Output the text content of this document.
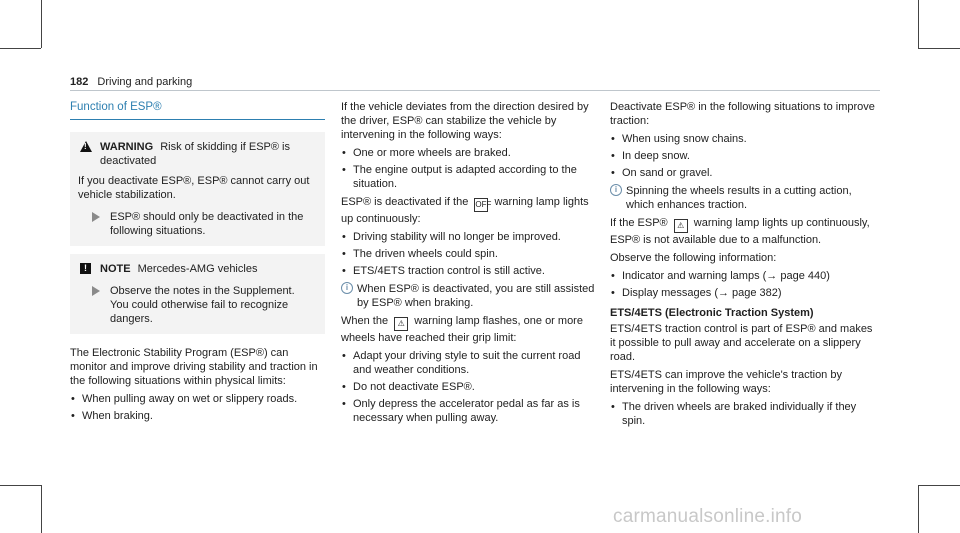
182 Driving and parking
Function of ESP®
!
WARNING Risk of skidding if ESP® is deactivated

If you deactivate ESP®, ESP® cannot carry out vehicle stabilization.

ESP® should only be deactivated in the following situations.
!	NOTE Mercedes-AMG vehicles
Observe the notes in the Supplement. You could otherwise fail to recognize dangers.

The Electronic Stability Program (ESP®) can monitor and improve driving stability and traction in the following situations within physical limits:

• When pulling away on wet or slippery roads.
• When braking.

If the vehicle deviates from the direction desired by the driver, ESP® can stabilize the vehicle by intervening in the following ways:

• One or more wheels are braked.
• The engine output is adapted according to the situation.

ESP® is deactivated if the OFF warning lamp lights up continuously:

• Driving stability will no longer be improved.
• The driven wheels could spin.
• ETS/4ETS traction control is still active.
i When ESP® is deactivated, you are still assisted by ESP® when braking.

When the ⚠ warning lamp flashes, one or more wheels have reached their grip limit:

• Adapt your driving style to suit the current road and weather conditions.
• Do not deactivate ESP®.
• Only depress the accelerator pedal as far as is necessary when pulling away.

Deactivate ESP® in the following situations to improve traction:

• When using snow chains.
• In deep snow.
• On sand or gravel.
i Spinning the wheels results in a cutting action, which enhances traction.

If the ESP® ⚠ warning lamp lights up continuously, ESP® is not available due to a malfunction.

Observe the following information:

• Indicator and warning lamps (→ page 440)
• Display messages (→ page 382)
ETS/4ETS (Electronic Traction System)

ETS/4ETS traction control is part of ESP® and makes it possible to pull away and accelerate on a slippery road.

ETS/4ETS can improve the vehicle's traction by intervening in the following ways:

• The driven wheels are braked individually if they spin.
carmanualsonline.info
